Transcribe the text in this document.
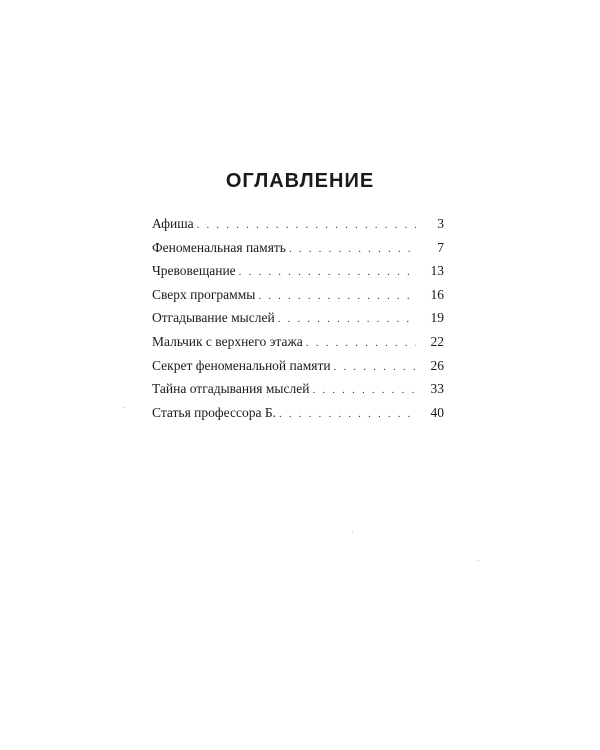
ОГЛАВЛЕНИЕ
Афиша . . .	3
Феноменальная память . . .	7
Чревовещание . . .	13
Сверх программы . . .	16
Отгадывание мыслей . . .	19
Мальчик с верхнего этажа . . .	22
Секрет феноменальной памяти . . .	26
Тайна отгадывания мыслей . . .	33
Статья профессора Б. . . .	40
